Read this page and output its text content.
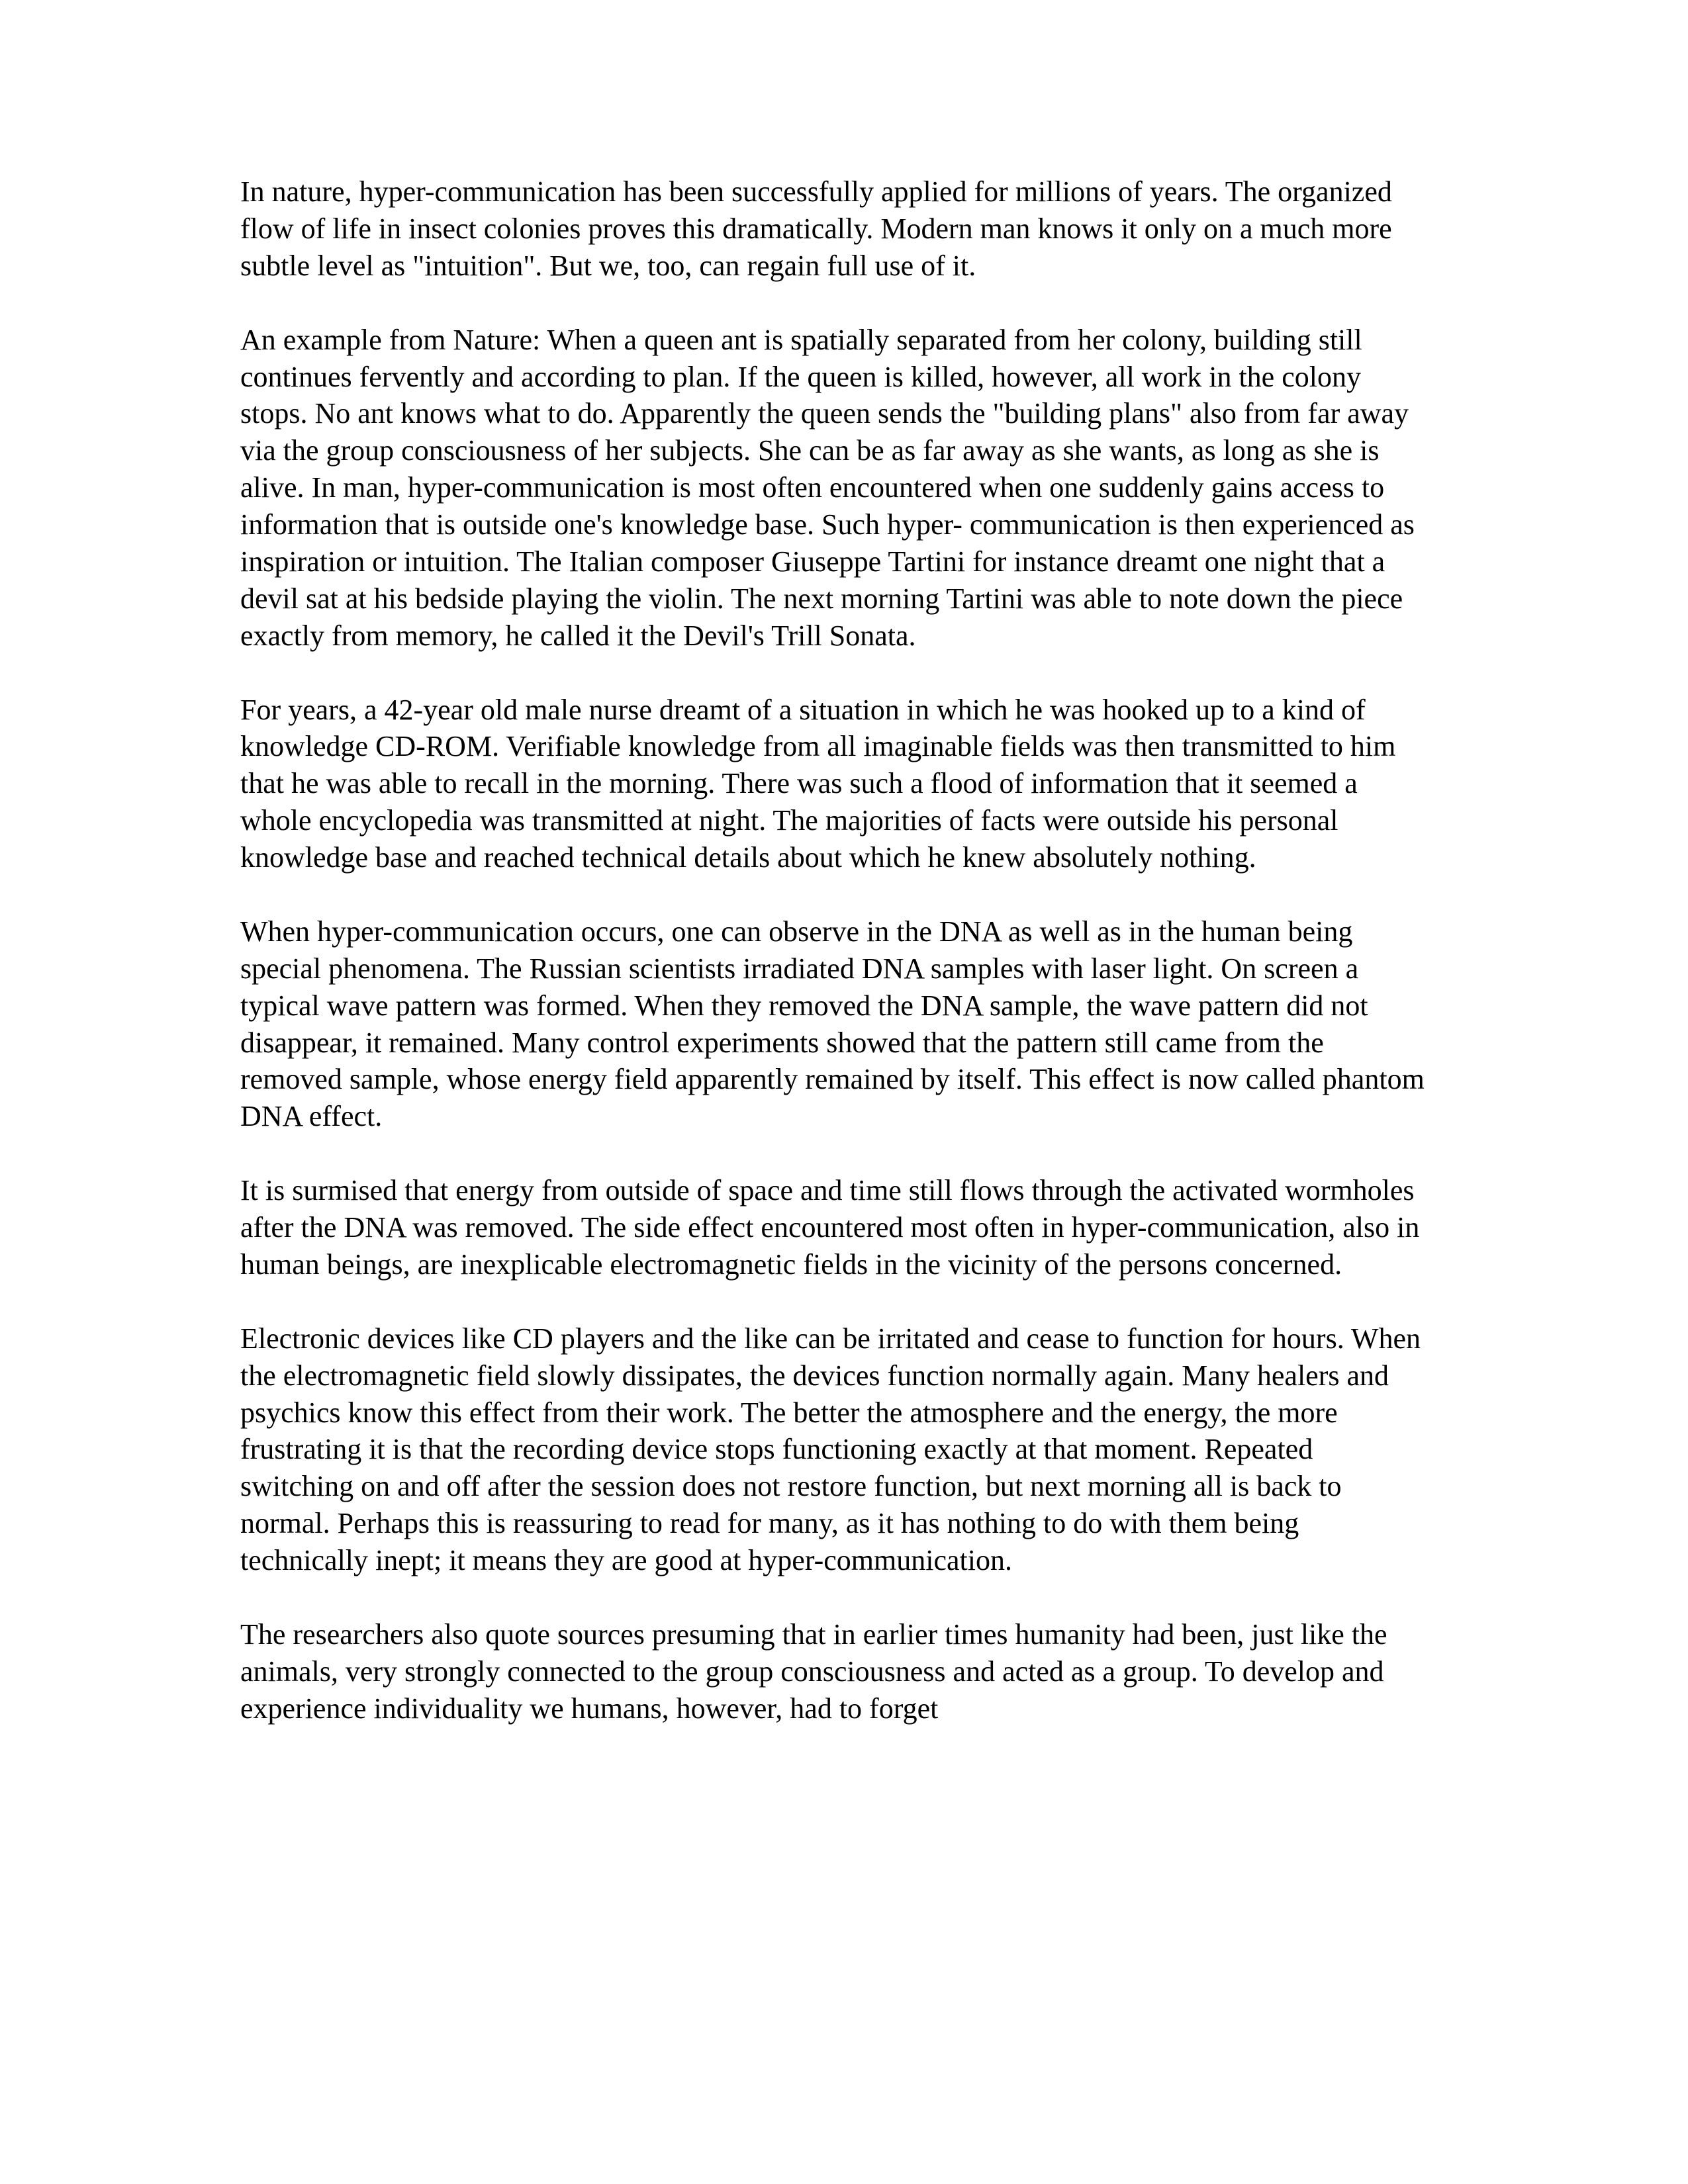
In nature, hyper-communication has been successfully applied for millions of years. The organized flow of life in insect colonies proves this dramatically. Modern man knows it only on a much more subtle level as "intuition". But we, too, can regain full use of it.

An example from Nature: When a queen ant is spatially separated from her colony, building still continues fervently and according to plan. If the queen is killed, however, all work in the colony stops. No ant knows what to do. Apparently the queen sends the "building plans" also from far away via the group consciousness of her subjects. She can be as far away as she wants, as long as she is alive. In man, hyper-communication is most often encountered when one suddenly gains access to information that is outside one's knowledge base. Such hyper- communication is then experienced as inspiration or intuition. The Italian composer Giuseppe Tartini for instance dreamt one night that a devil sat at his bedside playing the violin. The next morning Tartini was able to note down the piece exactly from memory, he called it the Devil's Trill Sonata.

For years, a 42-year old male nurse dreamt of a situation in which he was hooked up to a kind of knowledge CD-ROM. Verifiable knowledge from all imaginable fields was then transmitted to him that he was able to recall in the morning. There was such a flood of information that it seemed a whole encyclopedia was transmitted at night. The majorities of facts were outside his personal knowledge base and reached technical details about which he knew absolutely nothing.

When hyper-communication occurs, one can observe in the DNA as well as in the human being special phenomena. The Russian scientists irradiated DNA samples with laser light. On screen a typical wave pattern was formed. When they removed the DNA sample, the wave pattern did not disappear, it remained. Many control experiments showed that the pattern still came from the removed sample, whose energy field apparently remained by itself. This effect is now called phantom DNA effect.

It is surmised that energy from outside of space and time still flows through the activated wormholes after the DNA was removed. The side effect encountered most often in hyper-communication, also in human beings, are inexplicable electromagnetic fields in the vicinity of the persons concerned.

Electronic devices like CD players and the like can be irritated and cease to function for hours. When the electromagnetic field slowly dissipates, the devices function normally again. Many healers and psychics know this effect from their work. The better the atmosphere and the energy, the more frustrating it is that the recording device stops functioning exactly at that moment. Repeated switching on and off after the session does not restore function, but next morning all is back to normal. Perhaps this is reassuring to read for many, as it has nothing to do with them being technically inept; it means they are good at hyper-communication.

The researchers also quote sources presuming that in earlier times humanity had been, just like the animals, very strongly connected to the group consciousness and acted as a group. To develop and experience individuality we humans, however, had to forget
